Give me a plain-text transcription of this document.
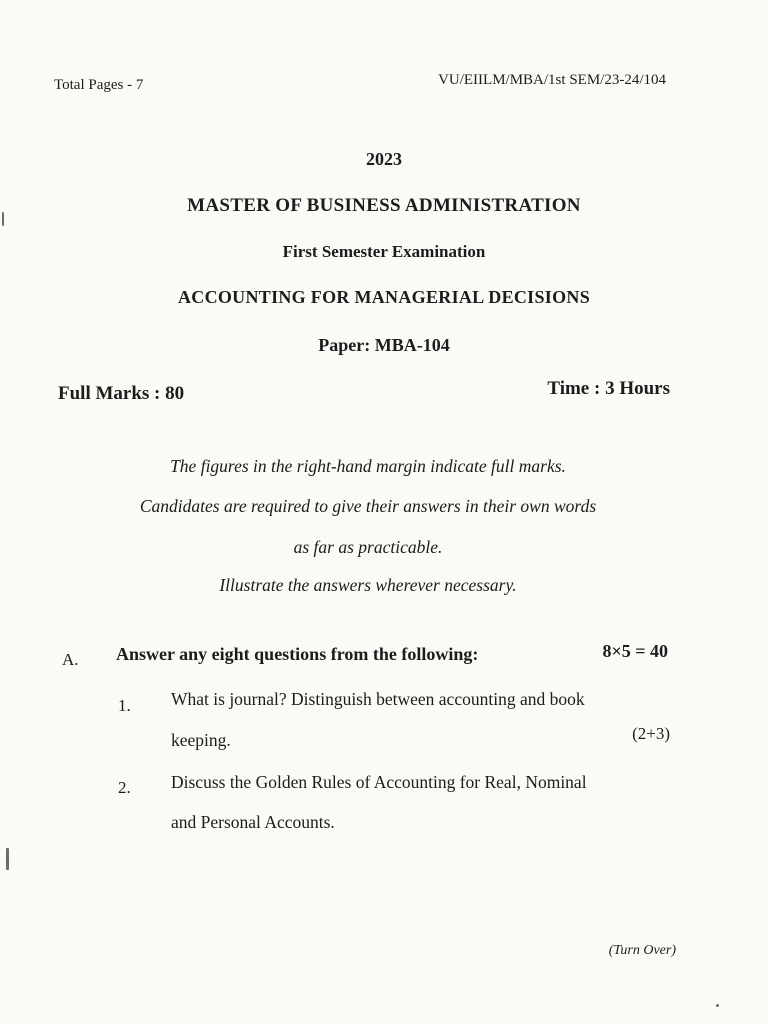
Total Pages - 7	VU/EIILM/MBA/1st SEM/23-24/104
2023
MASTER OF BUSINESS ADMINISTRATION
First Semester Examination
ACCOUNTING FOR MANAGERIAL DECISIONS
Paper: MBA-104
Full Marks : 80	Time : 3 Hours
The figures in the right-hand margin indicate full marks.
Candidates are required to give their answers in their own words
as far as practicable.
Illustrate the answers wherever necessary.
A. Answer any eight questions from the following:	8×5 = 40
1. What is journal? Distinguish between accounting and book
keeping.	(2+3)
2. Discuss the Golden Rules of Accounting for Real, Nominal
and Personal Accounts.
(Turn Over)
